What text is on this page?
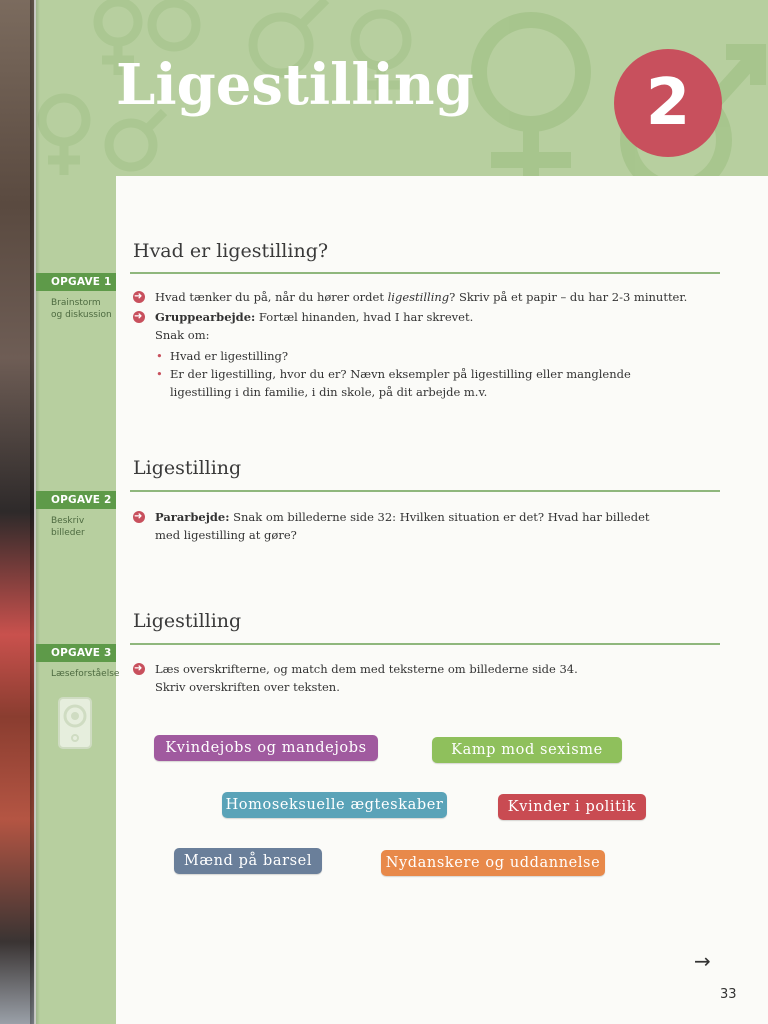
Ligestilling	2
Hvad er ligestilling?
OPGAVE 1
Brainstorm og diskussion
➜
Hvad tænker du på, når du hører ordet ligestilling? Skriv på et papir – du har 2-3 minutter.
➜
Gruppearbejde: Fortæl hinanden, hvad I har skrevet.
Snak om:
• Hvad er ligestilling?
• Er der ligestilling, hvor du er? Nævn eksempler på ligestilling eller manglende ligestilling i din familie, i din skole, på dit arbejde m.v.
Ligestilling
OPGAVE 2
Beskriv billeder
➜
Pararbejde: Snak om billederne side 32: Hvilken situation er det? Hvad har billedet med ligestilling at gøre?
Ligestilling
OPGAVE 3
Læseforståelse
➜	Læs overskrifterne, og match dem med teksterne om billederne side 34.
Skriv overskriften over teksten.
Kvindejobs og mandejobs	Kamp mod sexisme
Homoseksuelle ægteskaber	Kvinder i politik
Mænd på barsel	Nydanskere og uddannelse
→
33
